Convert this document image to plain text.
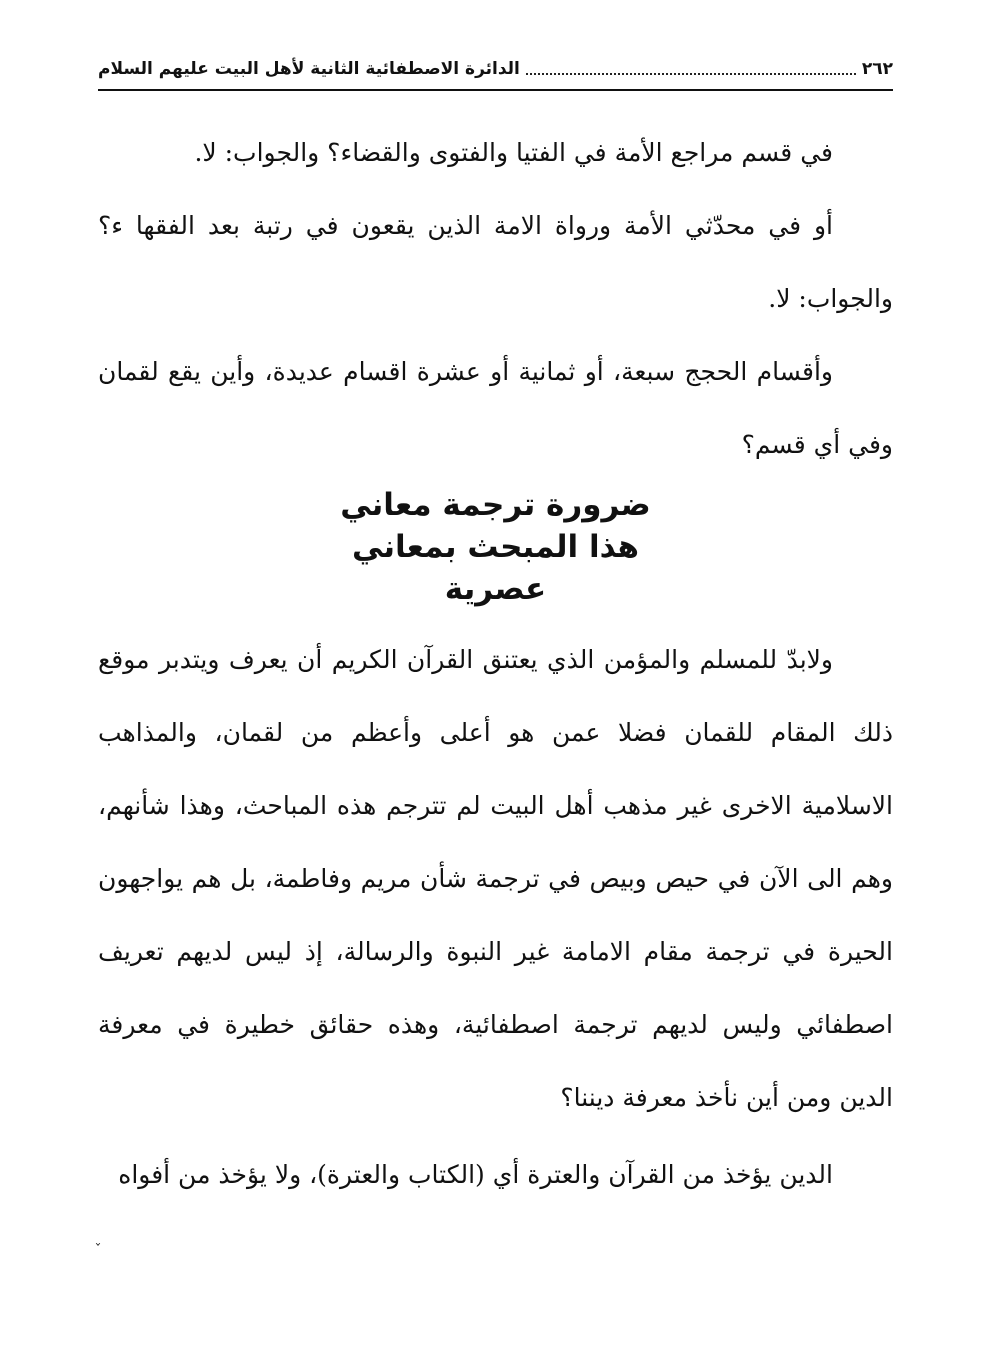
٢٦٢
الدائرة الاصطفائية الثانية لأهل البيت عليهم السلام

في قسم مراجع الأمة في الفتيا والفتوى والقضاء؟ والجواب: لا.

أو في محدّثي الأمة ورواة الامة الذين يقعون في رتبة بعد الفقها ء؟ والجواب: لا.

وأقسام الحجج سبعة، أو ثمانية أو عشرة اقسام عديدة، وأين يقع لقمان وفي أي قسم؟

ضرورة ترجمة معاني
هذا المبحث بمعاني
عصرية

ولابدّ للمسلم والمؤمن الذي يعتنق القرآن الكريم أن يعرف ويتدبر موقع ذلك المقام للقمان فضلا عمن هو أعلى وأعظم من لقمان، والمذاهب الاسلامية الاخرى غير مذهب أهل البيت لم تترجم هذه المباحث، وهذا شأنهم، وهم الى الآن في حيص وبيص في ترجمة شأن مريم وفاطمة، بل هم يواجهون الحيرة في ترجمة مقام الامامة غير النبوة والرسالة، إذ ليس لديهم تعريف اصطفائي وليس لديهم ترجمة اصطفائية، وهذه حقائق خطيرة في معرفة الدين ومن أين نأخذ معرفة ديننا؟

الدين يؤخذ من القرآن والعترة أي (الكتاب والعترة)، ولا يؤخذ من أفواه

ˇ
